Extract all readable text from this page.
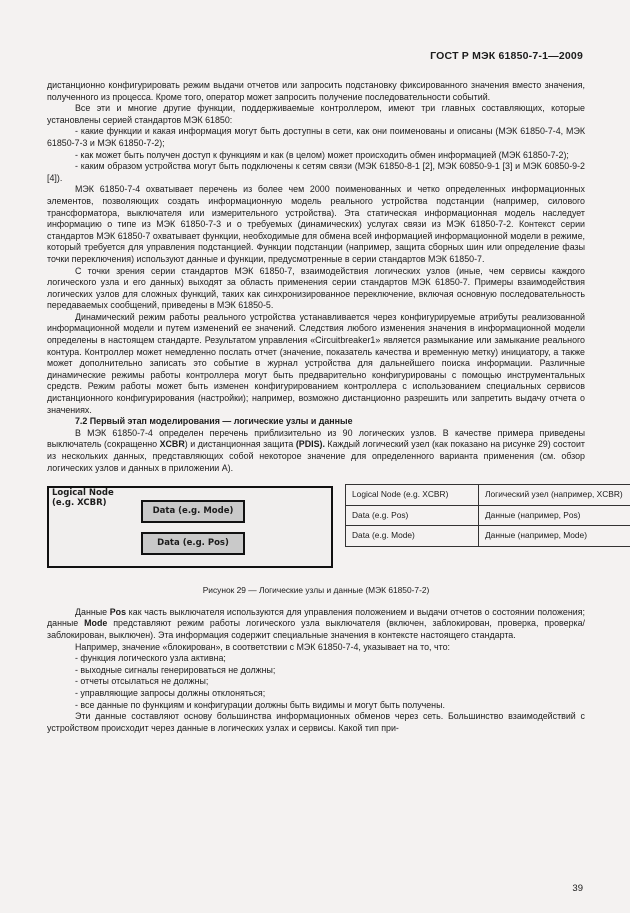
ГОСТ Р МЭК 61850-7-1—2009

дистанционно конфигурировать режим выдачи отчетов или запросить подстановку фиксированного значения вместо значения, полученного из процесса. Кроме того, оператор может запросить получение последовательности событий.

Все эти и многие другие функции, поддерживаемые контроллером, имеют три главных составляющих, которые установлены серией стандартов МЭК 61850:

- какие функции и какая информация могут быть доступны в сети, как они поименованы и описаны (МЭК 61850-7-4, МЭК 61850-7-3 и МЭК 61850-7-2);

- как может быть получен доступ к функциям и как (в целом) может происходить обмен информацией (МЭК 61850-7-2);

- каким образом устройства могут быть подключены к сетям связи (МЭК 61850-8-1 [2], МЭК 60850-9-1 [3] и МЭК 60850-9-2 [4]).

МЭК 61850-7-4 охватывает перечень из более чем 2000 поименованных и четко определенных информационных элементов, позволяющих создать информационную модель реального устройства подстанции (например, силового трансформатора, выключателя или измерительного устройства). Эта статическая информационная модель наследует информацию о типе из МЭК 61850-7-3 и о требуемых (динамических) услугах связи из МЭК 61850-7-2. Контекст серии стандартов МЭК 61850-7 охватывает функции, необходимые для обмена всей информацией информационной модели в режиме, который требуется для управления подстанцией. Функции подстанции (например, защита сборных шин или определение фазы точки переключения) используют данные и функции, предусмотренные в серии стандартов МЭК 61850-7.

С точки зрения серии стандартов МЭК 61850-7, взаимодействия логических узлов (иные, чем сервисы каждого логического узла и его данных) выходят за область применения серии стандартов МЭК 61850-7. Примеры взаимодействия логических узлов для сложных функций, таких как синхронизированное переключение, включая основную последовательность передаваемых сообщений, приведены в МЭК 61850-5.

Динамический режим работы реального устройства устанавливается через конфигурируемые атрибуты реализованной информационной модели и путем изменений ее значений. Следствия любого изменения значения в информационной модели определены в настоящем стандарте. Результатом управления «Circuitbreaker1» является размыкание или замыкание реального контура. Контроллер может немедленно послать отчет (значение, показатель качества и временную метку) инициатору, а также может дополнительно записать это событие в журнал устройства для дальнейшего поиска информации. Различные динамические режимы работы контроллера могут быть предварительно конфигурированы с помощью инструментальных средств. Режим работы может быть изменен конфигурированием контроллера с использованием специальных сервисов дистанционного конфигурирования (настройки); например, возможно дистанционно разрешить или запретить выдачу отчета о значениях.

7.2 Первый этап моделирования — логические узлы и данные

В МЭК 61850-7-4 определен перечень приблизительно из 90 логических узлов. В качестве примера приведены выключатель (сокращенно XCBR) и дистанционная защита (PDIS). Каждый логический узел (как показано на рисунке 29) состоит из нескольких данных, представляющих собой некоторое значение для определенного варианта применения (см. обзор логических узлов и данных в приложении А).

Logical Node
(e.g. XCBR)
Data (e.g. Mode)
Data (e.g. Pos)
Logical Node (e.g. XCBR)	Логический узел (например, XCBR)
Data (e.g. Pos)	Данные (например, Pos)
Data (e.g. Mode)	Данные (например, Mode)
Рисунок 29 — Логические узлы и данные (МЭК 61850-7-2)

Данные Pos как часть выключателя используются для управления положением и выдачи отчетов о состоянии положения; данные Mode представляют режим работы логического узла выключателя (включен, заблокирован, проверка, проверка/заблокирован, выключен). Эта информация содержит специальные значения в контексте настоящего стандарта.

Например, значение «блокирован», в соответствии с МЭК 61850-7-4, указывает на то, что:

- функция логического узла активна;

- выходные сигналы генерироваться не должны;

- отчеты отсылаться не должны;

- управляющие запросы должны отклоняться;

- все данные по функциям и конфигурации должны быть видимы и могут быть получены.

Эти данные составляют основу большинства информационных обменов через сеть. Большинство взаимодействий с устройством происходит через данные в логических узлах и сервисы. Какой тип при-

39
